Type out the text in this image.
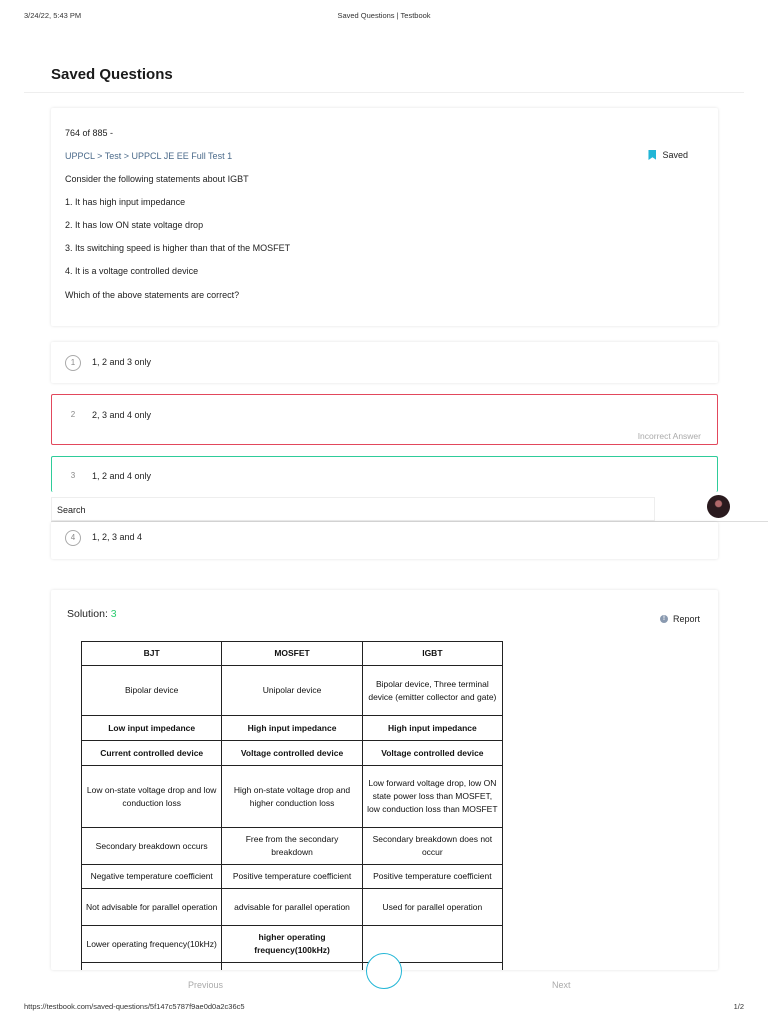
3/24/22, 5:43 PM	Saved Questions | Testbook
Saved Questions
764 of 885 -
UPPCL > Test > UPPCL JE EE Full Test 1	Saved
Consider the following statements about IGBT
1. It has high input impedance
2. It has low ON state voltage drop
3. Its switching speed is higher than that of the MOSFET
4. It is a voltage controlled device
Which of the above statements are correct?
1	1, 2 and 3 only
2	2, 3 and 4 only
Incorrect Answer
3	1, 2 and 4 only
Search
4	1, 2, 3 and 4
Solution: 3	! Report
BJT	MOSFET	IGBT
Bipolar device	Unipolar device	Bipolar device, Three terminal device (emitter collector and gate)
Low input impedance	High input impedance	High input impedance
Current controlled device	Voltage controlled device	Voltage controlled device
Low on-state voltage drop and low conduction loss	High on-state voltage drop and higher conduction loss	Low forward voltage drop, low ON state power loss than MOSFET, low conduction loss than MOSFET
Secondary breakdown occurs	Free from the secondary breakdown	Secondary breakdown does not occur
Negative temperature coefficient	Positive temperature coefficient	Positive temperature coefficient
Not advisable for parallel operation	advisable for parallel operation	Used for parallel operation
Lower operating frequency(10kHz)	higher operating frequency(100kHz)	

Previous	Next
https://testbook.com/saved-questions/5f147c5787f9ae0d0a2c36c5	1/2
